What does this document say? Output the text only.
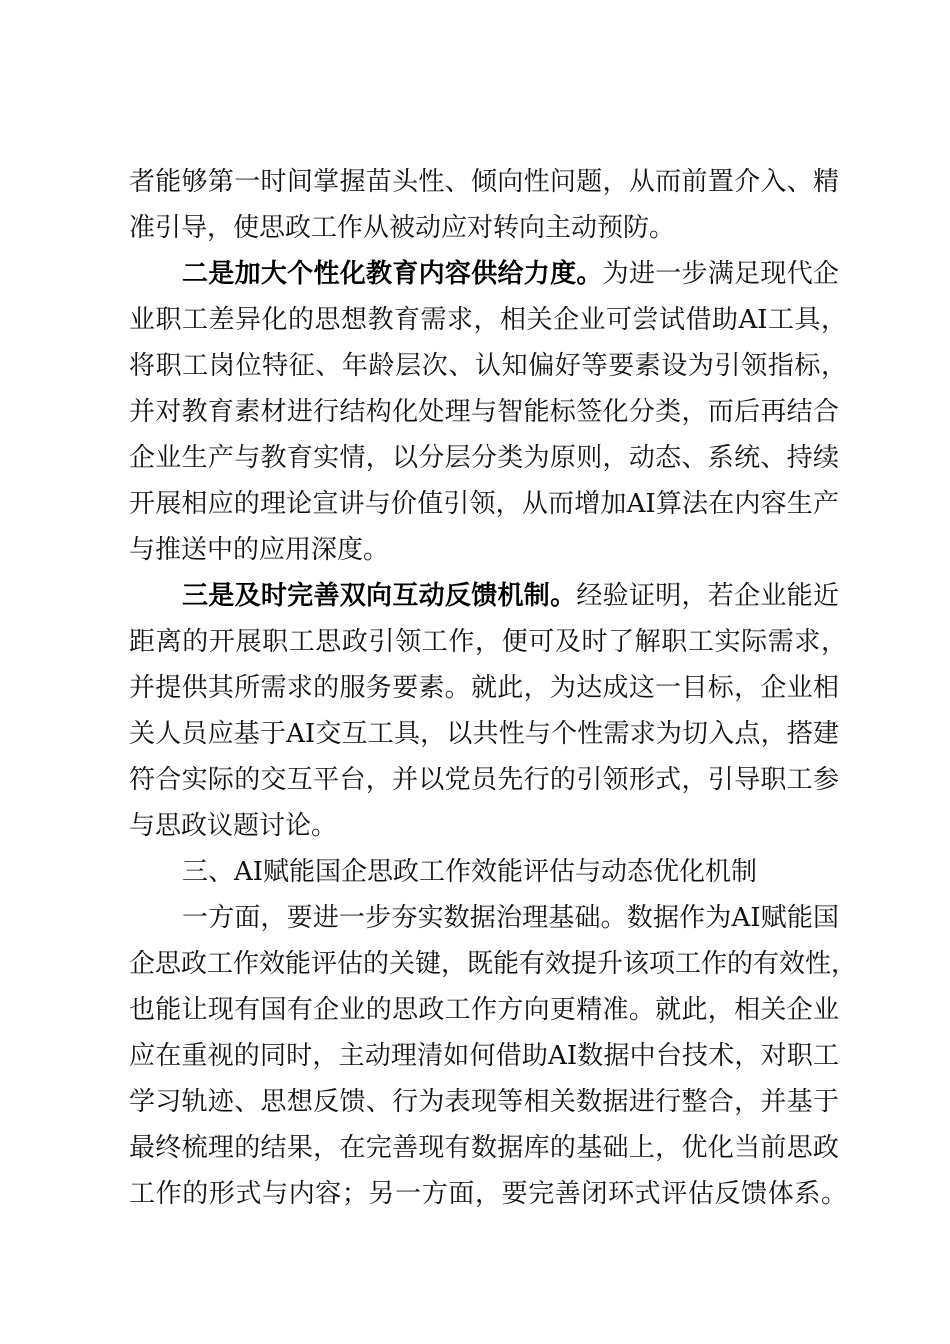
者能够第一时间掌握苗头性、倾向性问题，从而前置介入、精
准引导，使思政工作从被动应对转向主动预防。
二是加大个性化教育内容供给力度。为进一步满足现代企
业职工差异化的思想教育需求，相关企业可尝试借助AI工具，
将职工岗位特征、年龄层次、认知偏好等要素设为引领指标，
并对教育素材进行结构化处理与智能标签化分类，而后再结合
企业生产与教育实情，以分层分类为原则，动态、系统、持续
开展相应的理论宣讲与价值引领，从而增加AI算法在内容生产
与推送中的应用深度。
三是及时完善双向互动反馈机制。经验证明，若企业能近
距离的开展职工思政引领工作，便可及时了解职工实际需求，
并提供其所需求的服务要素。就此，为达成这一目标，企业相
关人员应基于AI交互工具，以共性与个性需求为切入点，搭建
符合实际的交互平台，并以党员先行的引领形式，引导职工参
与思政议题讨论。
三、AI赋能国企思政工作效能评估与动态优化机制
一方面，要进一步夯实数据治理基础。数据作为AI赋能国
企思政工作效能评估的关键，既能有效提升该项工作的有效性，
也能让现有国有企业的思政工作方向更精准。就此，相关企业
应在重视的同时，主动理清如何借助AI数据中台技术，对职工
学习轨迹、思想反馈、行为表现等相关数据进行整合，并基于
最终梳理的结果，在完善现有数据库的基础上，优化当前思政
工作的形式与内容；另一方面，要完善闭环式评估反馈体系。
